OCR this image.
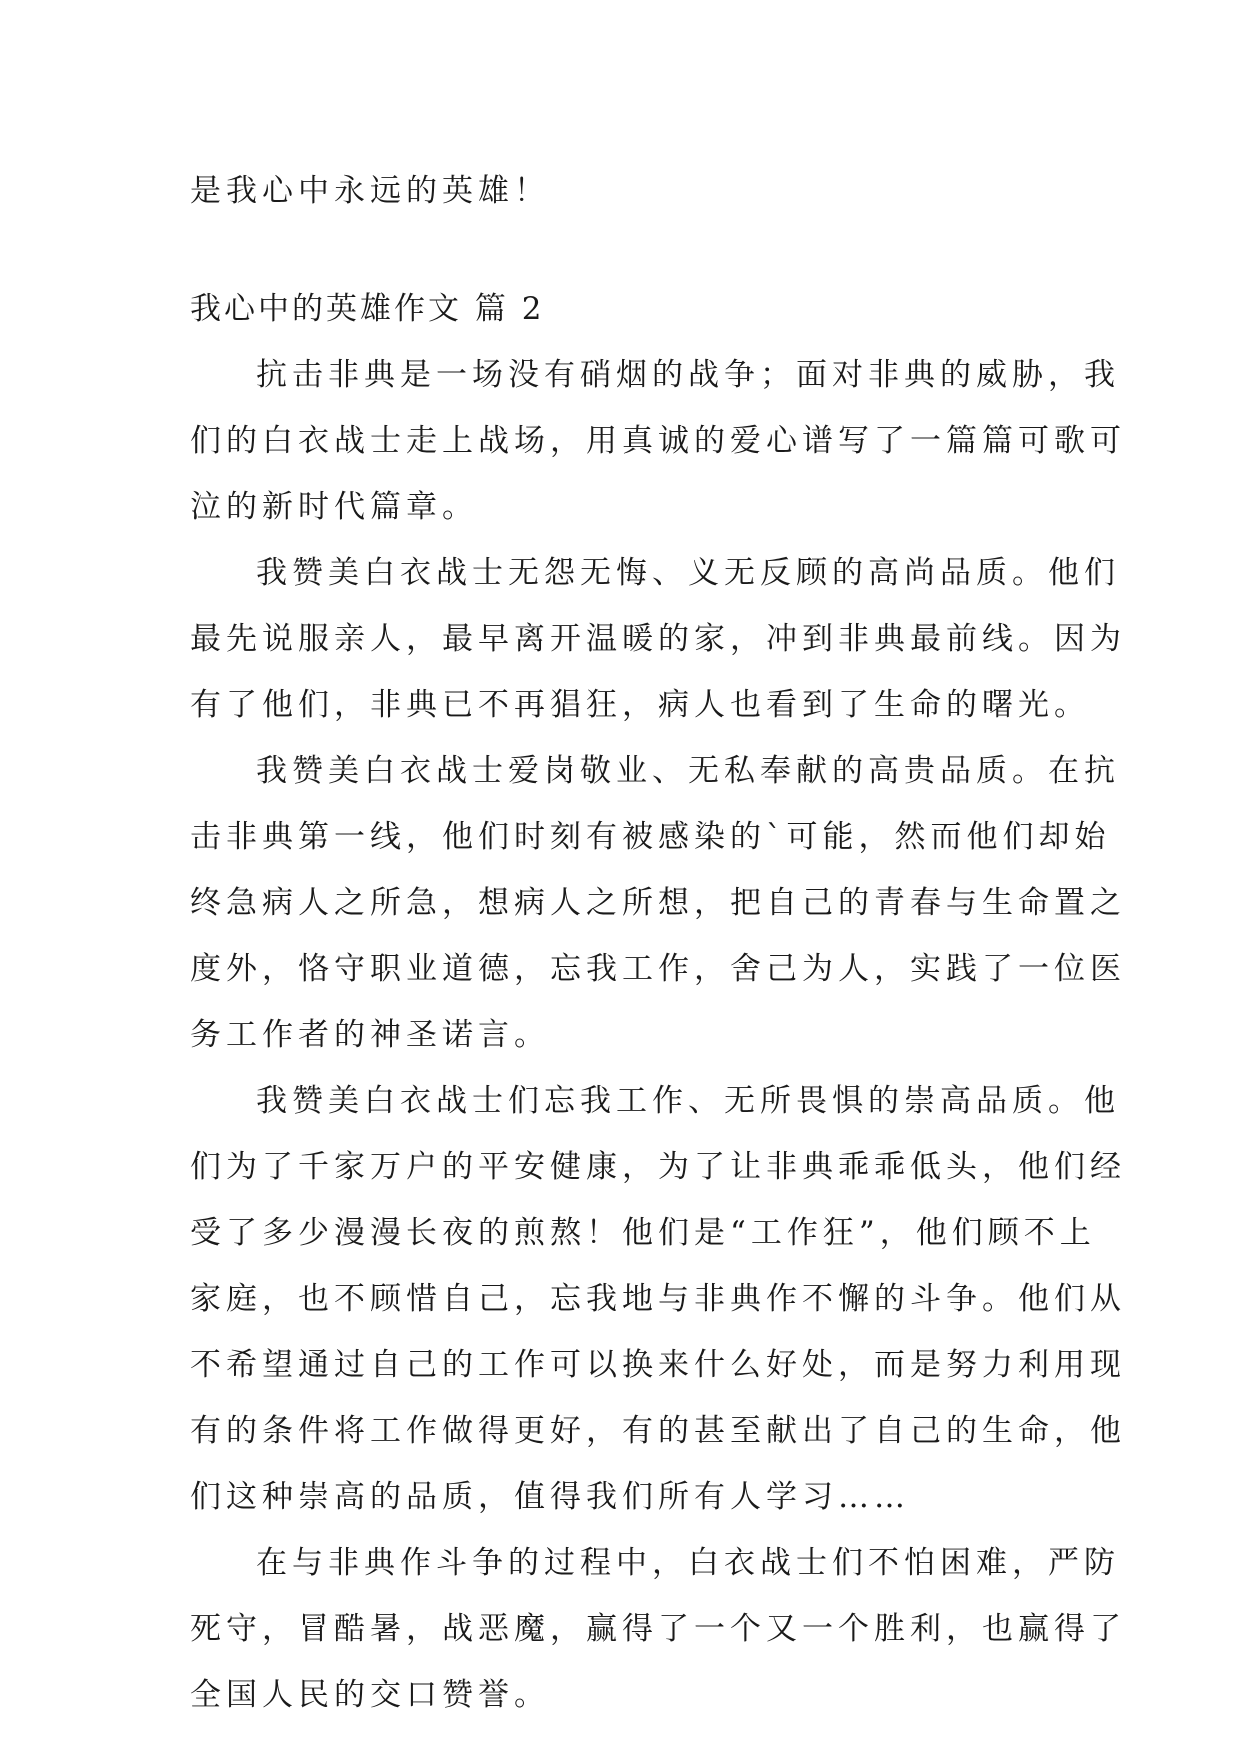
是我心中永远的英雄！

我心中的英雄作文 篇 2

抗击非典是一场没有硝烟的战争；面对非典的威胁，我

们的白衣战士走上战场，用真诚的爱心谱写了一篇篇可歌可

泣的新时代篇章。

我赞美白衣战士无怨无悔、义无反顾的高尚品质。他们

最先说服亲人，最早离开温暖的家，冲到非典最前线。因为

有了他们，非典已不再猖狂，病人也看到了生命的曙光。

我赞美白衣战士爱岗敬业、无私奉献的高贵品质。在抗

击非典第一线，他们时刻有被感染的`可能，然而他们却始

终急病人之所急，想病人之所想，把自己的青春与生命置之

度外，恪守职业道德，忘我工作，舍己为人，实践了一位医

务工作者的神圣诺言。

我赞美白衣战士们忘我工作、无所畏惧的崇高品质。他

们为了千家万户的平安健康，为了让非典乖乖低头，他们经

受了多少漫漫长夜的煎熬！他们是“工作狂”，他们顾不上

家庭，也不顾惜自己，忘我地与非典作不懈的斗争。他们从

不希望通过自己的工作可以换来什么好处，而是努力利用现

有的条件将工作做得更好，有的甚至献出了自己的生命，他

们这种崇高的品质，值得我们所有人学习……

在与非典作斗争的过程中，白衣战士们不怕困难，严防

死守，冒酷暑，战恶魔，赢得了一个又一个胜利，也赢得了

全国人民的交口赞誉。
